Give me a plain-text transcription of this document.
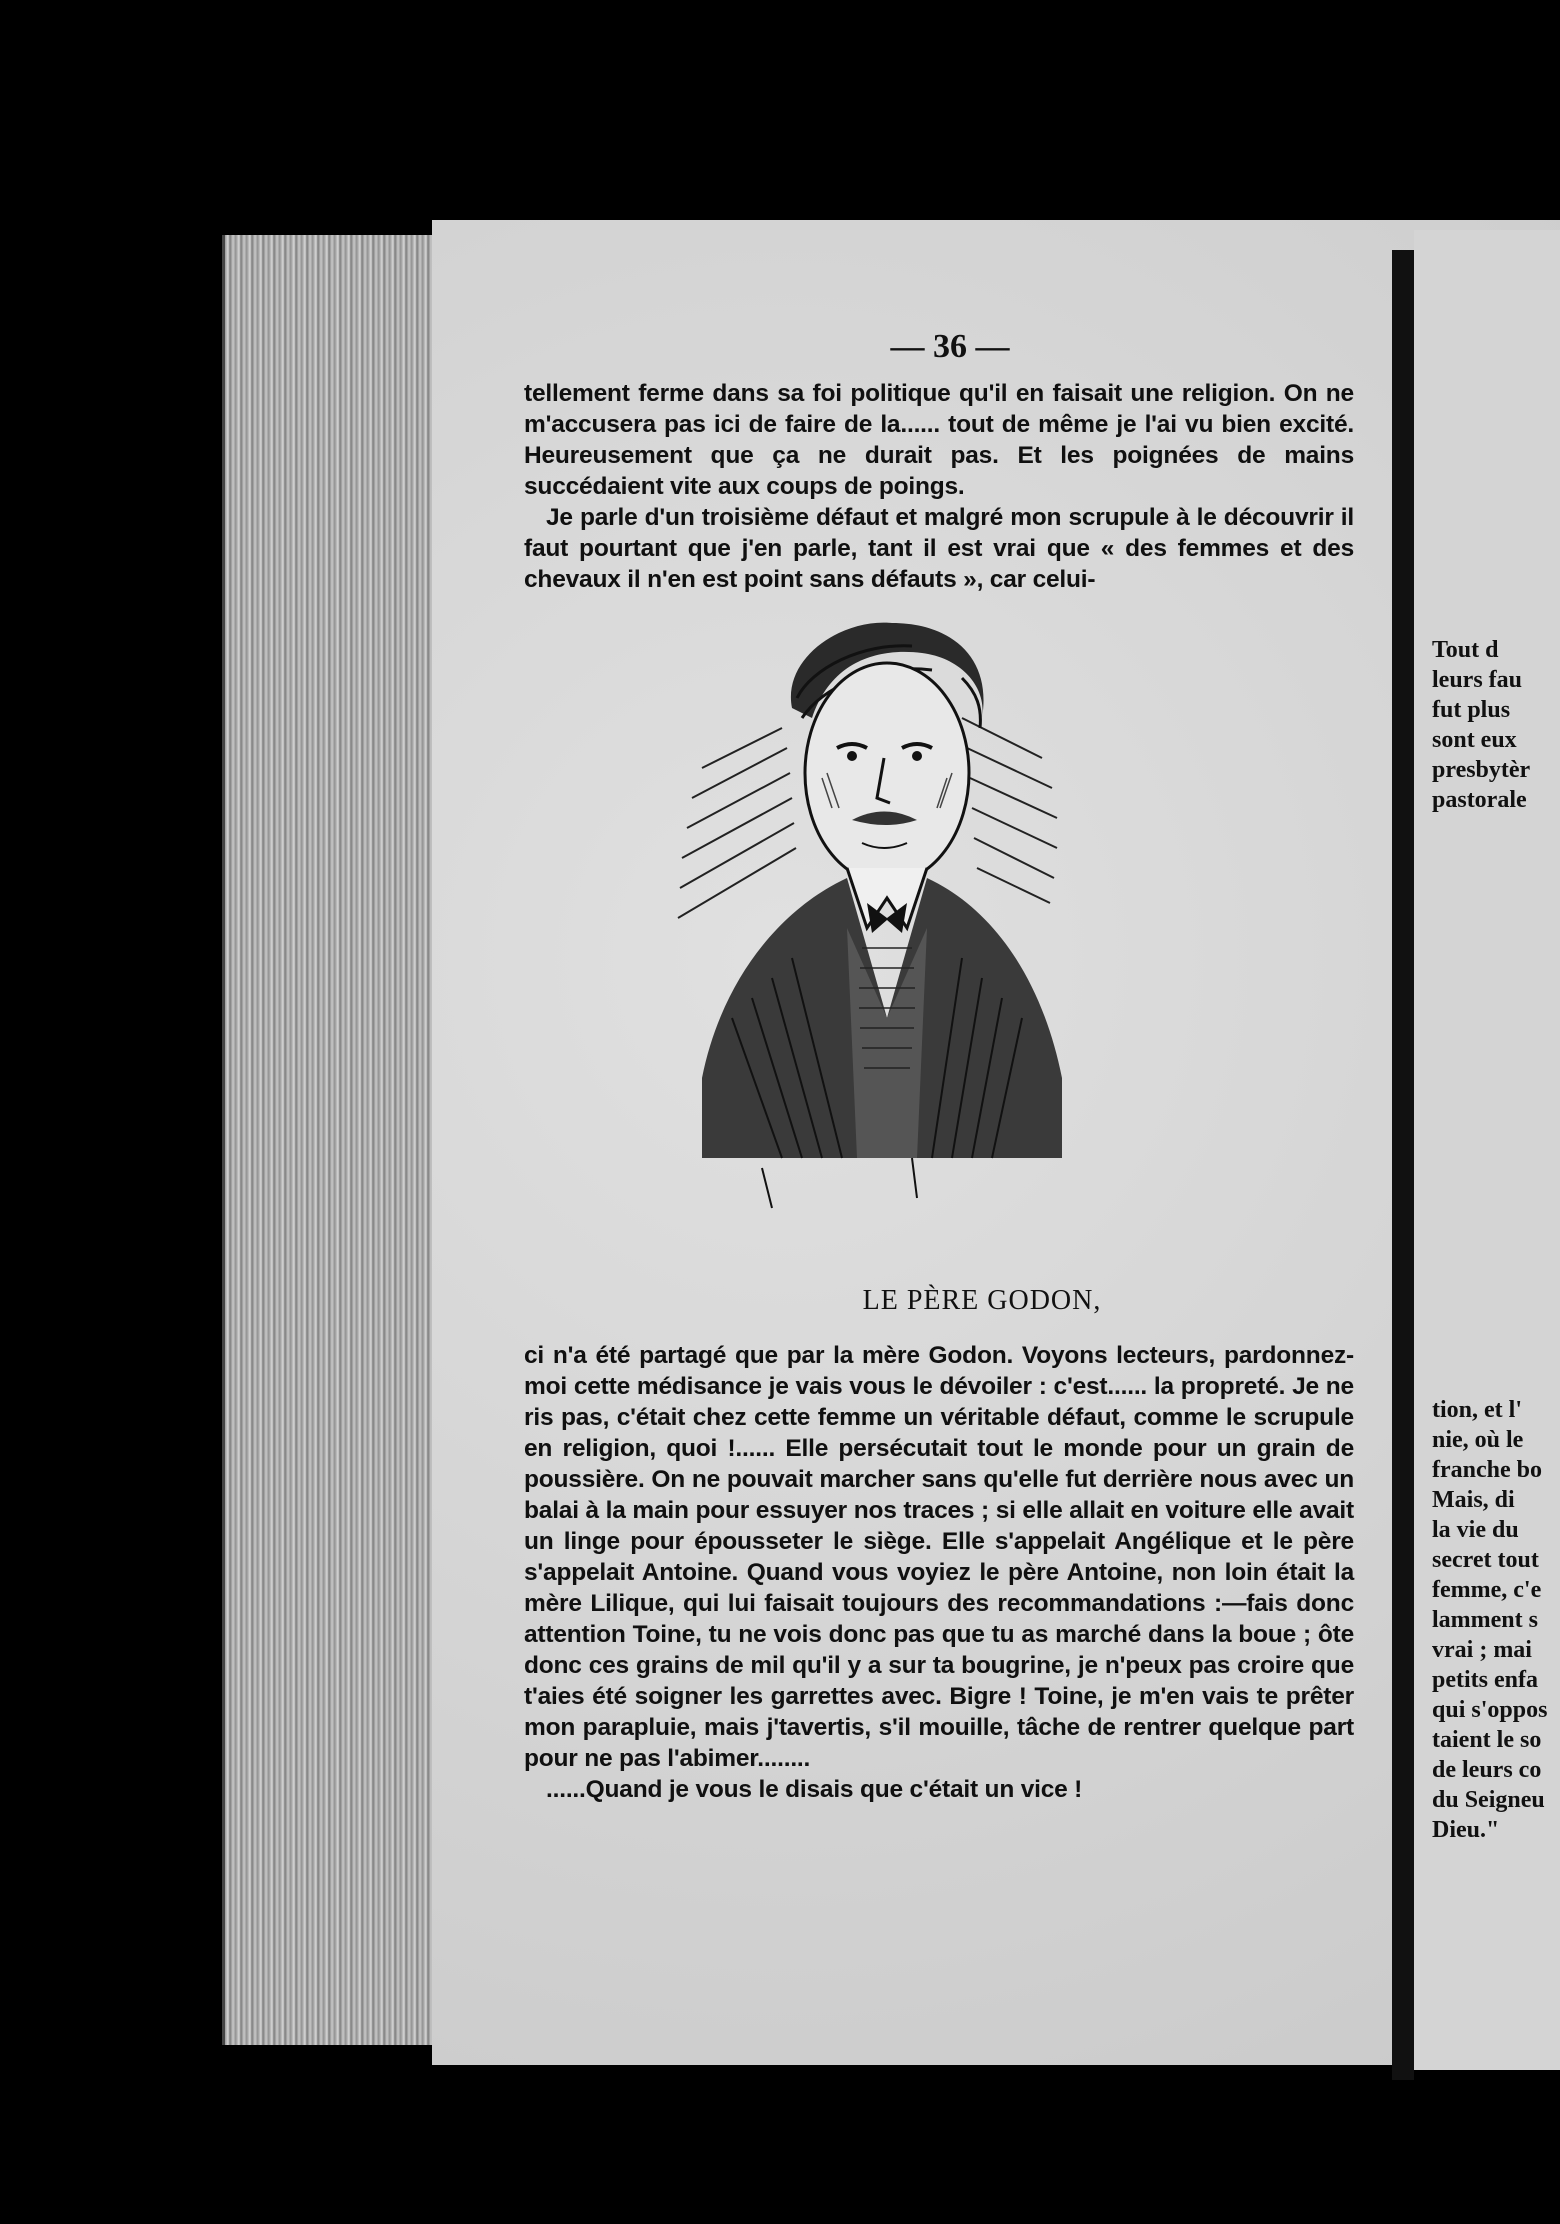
Tout d
leurs fau
fut plus
sont eux
presbytèr
pastorale
tion, et l'
nie, où le
franche bo
Mais, di
la vie du
secret tout
femme, c'e
lamment s
vrai ; mai
petits enfa
qui s'oppos
taient le so
de leurs co
du Seigneu
Dieu."
— 36 —

tellement ferme dans sa foi politique qu'il en faisait une religion. On ne m'accusera pas ici de faire de la...... tout de même je l'ai vu bien excité. Heureusement que ça ne durait pas. Et les poignées de mains succédaient vite aux coups de poings.

Je parle d'un troisième défaut et malgré mon scrupule à le découvrir il faut pourtant que j'en parle, tant il est vrai que « des femmes et des chevaux il n'en est point sans défauts », car celui-

LE PÈRE GODON,

ci n'a été partagé que par la mère Godon. Voyons lecteurs, pardonnez-moi cette médisance je vais vous le dévoiler : c'est...... la propreté. Je ne ris pas, c'était chez cette femme un véritable défaut, comme le scrupule en religion, quoi !...... Elle persécutait tout le monde pour un grain de poussière. On ne pouvait marcher sans qu'elle fut derrière nous avec un balai à la main pour essuyer nos traces ; si elle allait en voiture elle avait un linge pour épousseter le siège. Elle s'appelait Angélique et le père s'appelait Antoine. Quand vous voyiez le père Antoine, non loin était la mère Lilique, qui lui faisait toujours des recommandations :—fais donc attention Toine, tu ne vois donc pas que tu as marché dans la boue ; ôte donc ces grains de mil qu'il y a sur ta bougrine, je n'peux pas croire que t'aies été soigner les garrettes avec. Bigre ! Toine, je m'en vais te prêter mon parapluie, mais j'tavertis, s'il mouille, tâche de rentrer quelque part pour ne pas l'abimer........

......Quand je vous le disais que c'était un vice !
